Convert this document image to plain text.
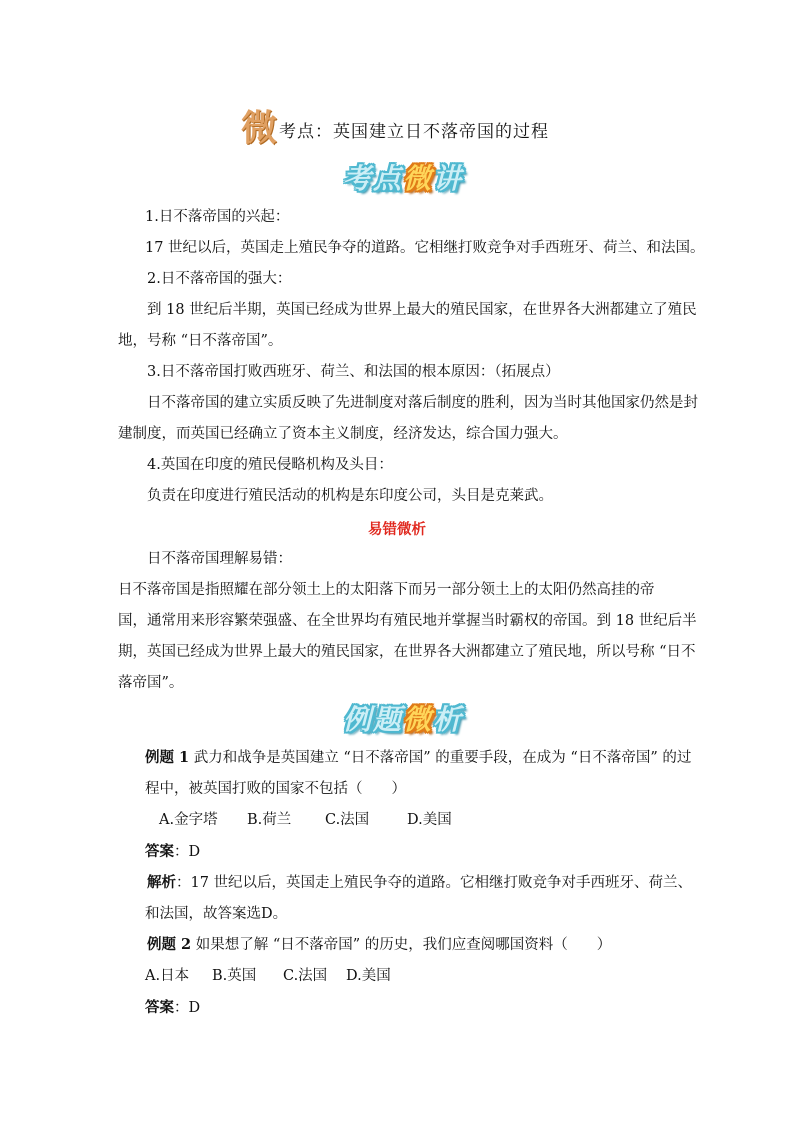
微 考点：英国建立日不落帝国的过程
考点微讲
1.日不落帝国的兴起：
17 世纪以后，英国走上殖民争夺的道路。它相继打败竞争对手西班牙、荷兰、和法国。
2.日不落帝国的强大：
到 18 世纪后半期，英国已经成为世界上最大的殖民国家，在世界各大洲都建立了殖民
地，号称 “日不落帝国”。
3.日不落帝国打败西班牙、荷兰、和法国的根本原因：（拓展点）
日不落帝国的建立实质反映了先进制度对落后制度的胜利，因为当时其他国家仍然是封
建制度，而英国已经确立了资本主义制度，经济发达，综合国力强大。
4.英国在印度的殖民侵略机构及头目：
负责在印度进行殖民活动的机构是东印度公司，头目是克莱武。
易错微析
日不落帝国理解易错：
日不落帝国是指照耀在部分领土上的太阳落下而另一部分领土上的太阳仍然高挂的帝
国，通常用来形容繁荣强盛、在全世界均有殖民地并掌握当时霸权的帝国。到 18 世纪后半
期，英国已经成为世界上最大的殖民国家，在世界各大洲都建立了殖民地，所以号称 “日不
落帝国”。
例题微析
例题 1 武力和战争是英国建立 “日不落帝国” 的重要手段，在成为 “日不落帝国” 的过
程中，被英国打败的国家不包括（　　）
A.金字塔 B.荷兰 C.法国	D.美国
答案：D
解析：17 世纪以后，英国走上殖民争夺的道路。它相继打败竞争对手西班牙、荷兰、
和法国，故答案选D。
例题 2 如果想了解 “日不落帝国” 的历史，我们应查阅哪国资料（　　）
A.日本 B.英国 C.法国 D.美国
答案：D
